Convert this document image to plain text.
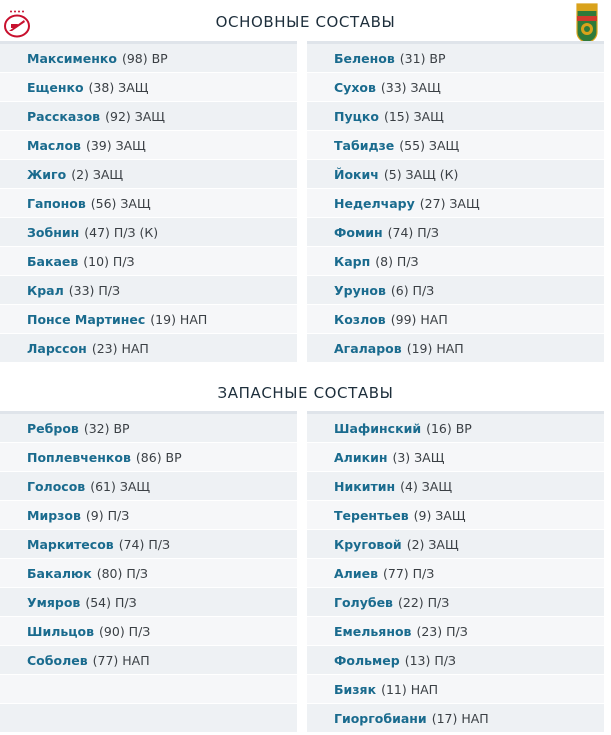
ОСНОВНЫЕ СОСТАВЫ
Максименко (98) ВР
Ещенко (38) ЗАЩ
Рассказов (92) ЗАЩ
Маслов (39) ЗАЩ
Жиго (2) ЗАЩ
Гапонов (56) ЗАЩ
Зобнин (47) П/З (К)
Бакаев (10) П/З
Крал (33) П/З
Понсе Мартинес (19) НАП
Ларссон (23) НАП
Беленов (31) ВР
Сухов (33) ЗАЩ
Пуцко (15) ЗАЩ
Табидзе (55) ЗАЩ
Йокич (5) ЗАЩ (К)
Неделчару (27) ЗАЩ
Фомин (74) П/З
Карп (8) П/З
Урунов (6) П/З
Козлов (99) НАП
Агаларов (19) НАП
ЗАПАСНЫЕ СОСТАВЫ
Ребров (32) ВР
Поплевченков (86) ВР
Голосов (61) ЗАЩ
Мирзов (9) П/З
Маркитесов (74) П/З
Бакалюк (80) П/З
Умяров (54) П/З
Шильцов (90) П/З
Соболев (77) НАП
Шафинский (16) ВР
Аликин (3) ЗАЩ
Никитин (4) ЗАЩ
Терентьев (9) ЗАЩ
Круговой (2) ЗАЩ
Алиев (77) П/З
Голубев (22) П/З
Емельянов (23) П/З
Фольмер (13) П/З
Бизяк (11) НАП
Гиоргобиани (17) НАП
